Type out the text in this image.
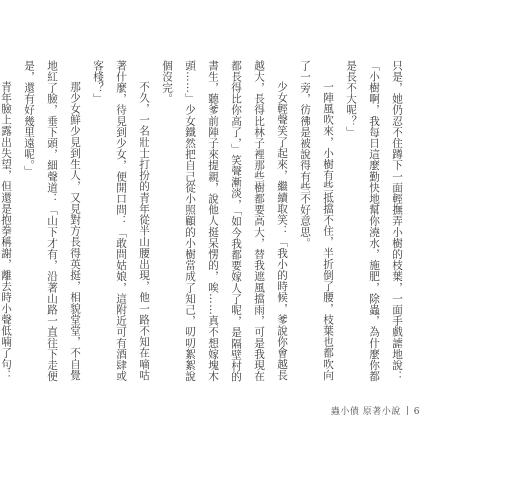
只是，她仍忍不住蹲下一面輕撫弄小樹的枝葉，一面手戲謔地說：「小樹啊，我每日這麼勤快地幫你澆水，施肥，除蟲，為什麼你都是長不大呢？」

一陣風吹來，小樹有些抵擋不住，半折倒了腰，枝葉也都吹向了一旁，彷彿是被說得有些不好意思。

少女輕聲笑了起來，繼續取笑：「我小的時候，爹說你會越長越大，長得比林子裡那些樹都要高大，替我遮風擋雨，可是我現在都長得比你高了，」笑聲漸淡，「如今我都要嫁人了呢，是隔壁村的書生，聽爹前陣子來提親，說他人挺呆愣的，唉……真不想嫁塊木頭……」少女鐵然把自己從小照顧的小樹當成了知己，叨叨絮絮說個沒完。

不久，一名壯士打扮的青年從半山腰出現，他一路不知在嘀咕著什麼，待見到少女，便開口問：「敢問姑娘，這附近可有酒肆或客棧？」

那少女鮮少見到生人，又見對方長得英挺，相貌堂堂，不自覺地紅了臉，垂下頭，細聲道：「山下才有，沿著山路一直往下走便是，還有好幾里遠呢。」

青年臉上露出失望，但還是抱拳稱謝，離去時小聲低喃了句：

蟲小債 原著小說 6
